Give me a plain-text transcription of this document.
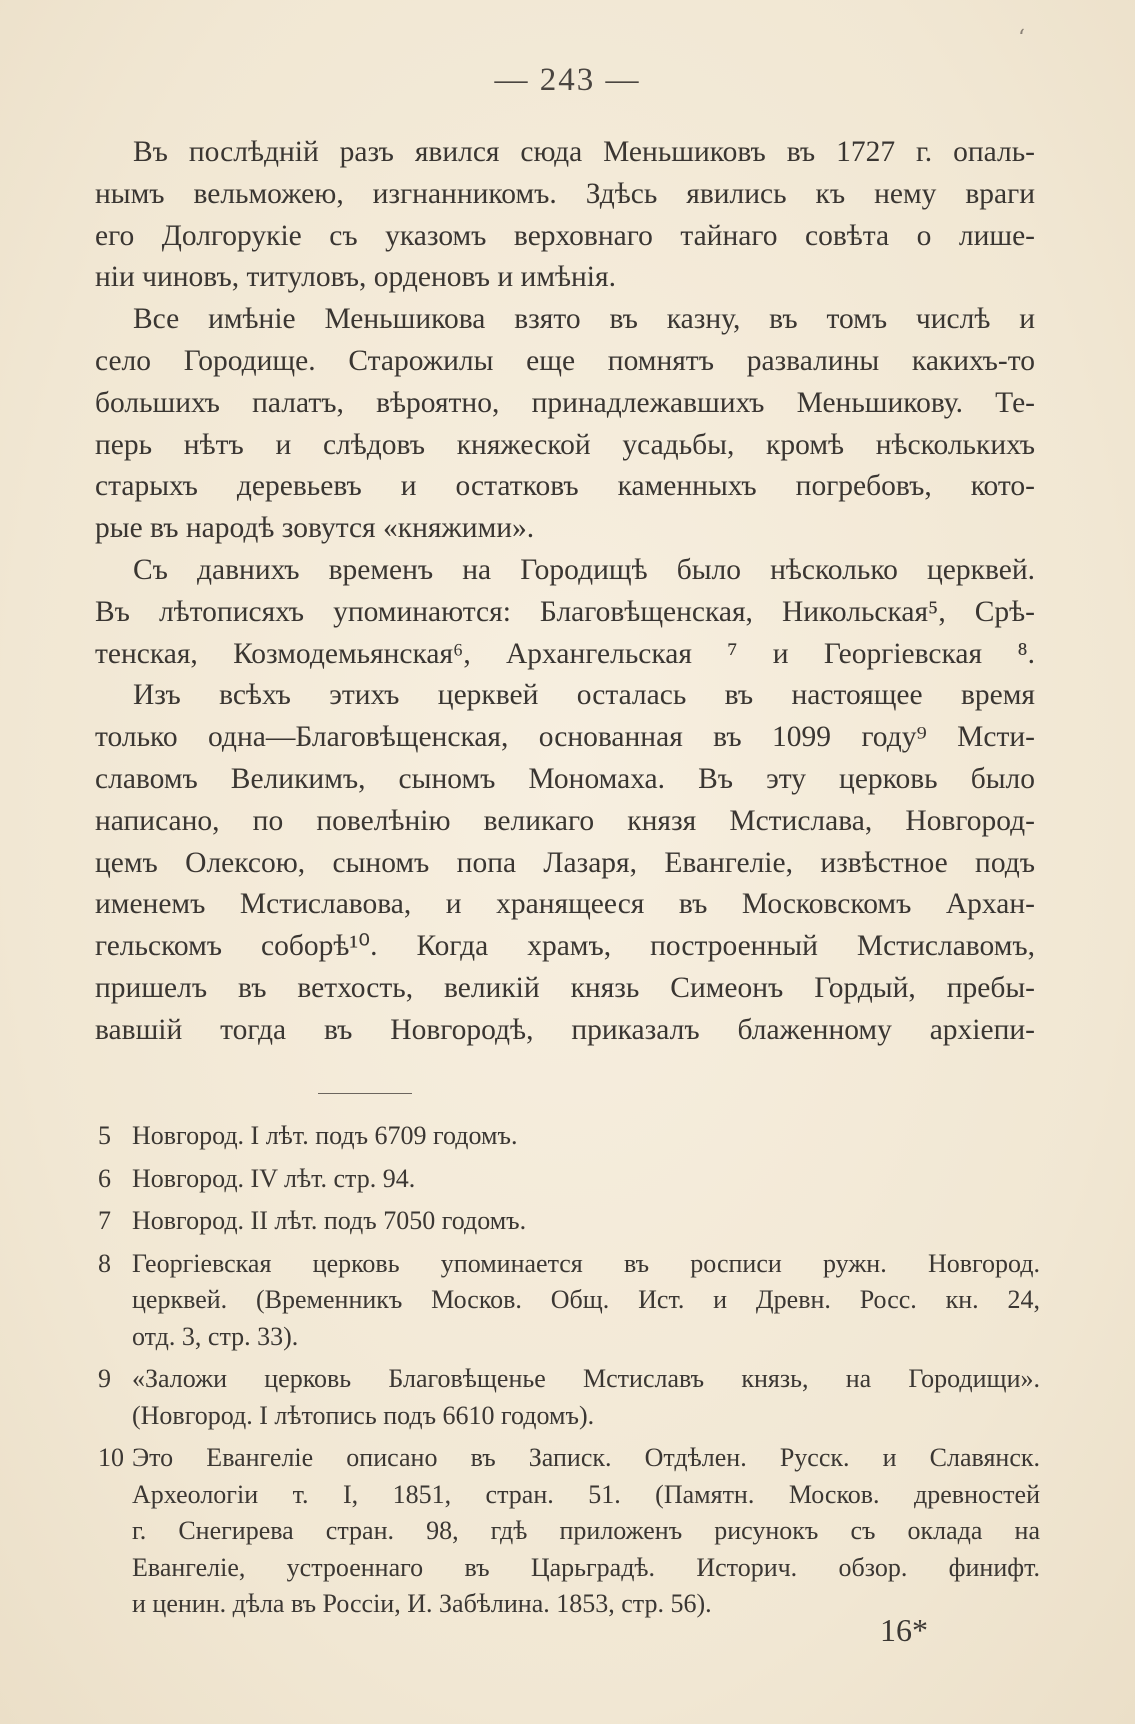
ʻ
— 243 —
Въ послѣдній разъ явился сюда Меньшиковъ въ 1727 г. опаль-
нымъ вельможею, изгнанникомъ. Здѣсь явились къ нему враги
его Долгорукіе съ указомъ верховнаго тайнаго совѣта о лише-
ніи чиновъ, титуловъ, орденовъ и имѣнія.
Все имѣніе Меньшикова взято въ казну, въ томъ числѣ и
село Городище. Старожилы еще помнятъ развалины какихъ-то
большихъ палатъ, вѣроятно, принадлежавшихъ Меньшикову. Те-
перь нѣтъ и слѣдовъ княжеской усадьбы, кромѣ нѣсколькихъ
старыхъ деревьевъ и остатковъ каменныхъ погребовъ, кото-
рые въ народѣ зовутся «княжими».
Съ давнихъ временъ на Городищѣ было нѣсколько церквей.
Въ лѣтописяхъ упоминаются: Благовѣщенская, Никольская⁵, Срѣ-
тенская, Козмодемьянская⁶, Архангельская ⁷ и Георгіевская ⁸.
Изъ всѣхъ этихъ церквей осталась въ настоящее время
только одна—Благовѣщенская, основанная въ 1099 году⁹ Мсти-
славомъ Великимъ, сыномъ Мономаха. Въ эту церковь было
написано, по повелѣнію великаго князя Мстислава, Новгород-
цемъ Олексою, сыномъ попа Лазаря, Евангеліе, извѣстное подъ
именемъ Мстиславова, и хранящееся въ Московскомъ Архан-
гельскомъ соборѣ¹⁰. Когда храмъ, построенный Мстиславомъ,
пришелъ въ ветхость, великій князь Симеонъ Гордый, пребы-
вавшій тогда въ Новгородѣ, приказалъ блаженному архіепи-
5 Новгород. I лѣт. подъ 6709 годомъ.
6 Новгород. IV лѣт. стр. 94.
7 Новгород. II лѣт. подъ 7050 годомъ.
8 Георгіевская церковь упоминается въ росписи ружн. Новгород.
церквей. (Временникъ Москов. Общ. Ист. и Древн. Росс. кн. 24,
отд. 3, стр. 33).
9 «Заложи церковь Благовѣщенье Мстиславъ князь, на Городищи».
(Новгород. I лѣтопись подъ 6610 годомъ).
10 Это Евангеліе описано въ Записк. Отдѣлен. Русск. и Славянск.
Археологіи т. I, 1851, стран. 51. (Памятн. Москов. древностей
г. Снегирева стран. 98, гдѣ приложенъ рисунокъ съ оклада на
Евангеліе, устроеннаго въ Царьградѣ. Историч. обзор. финифт.
и ценин. дѣла въ Россіи, И. Забѣлина. 1853, стр. 56).
16*
